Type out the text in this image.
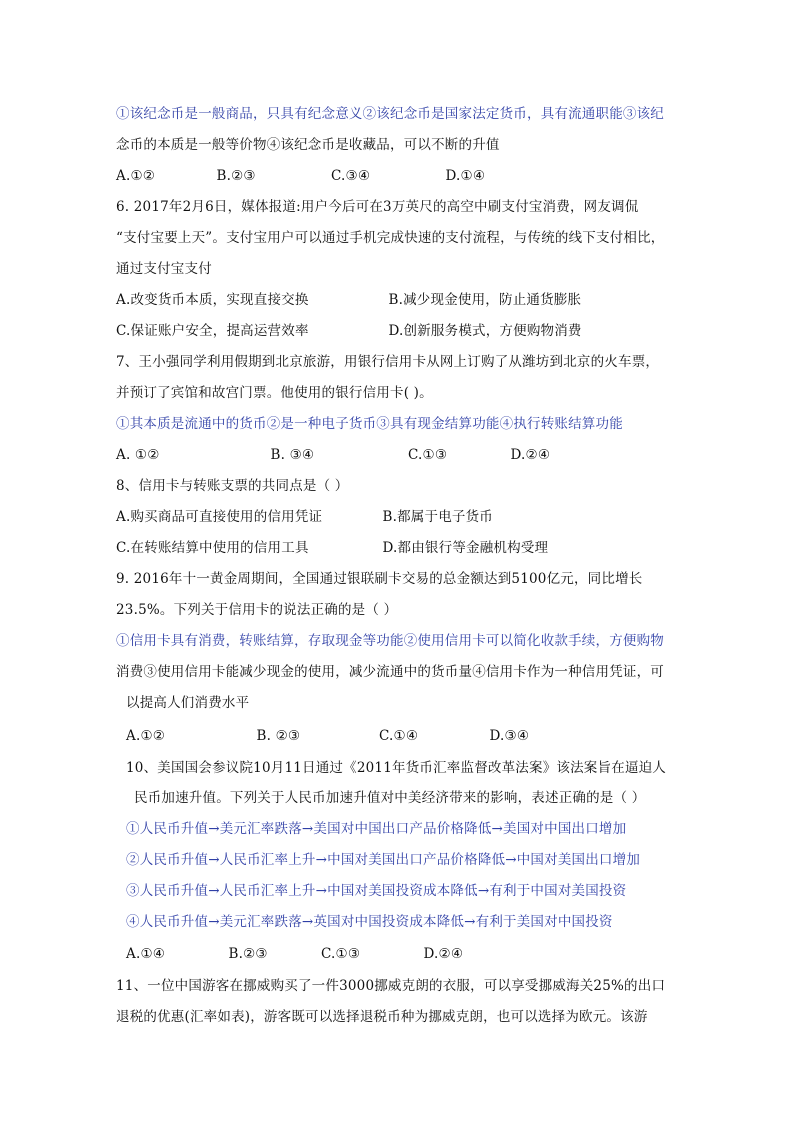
①该纪念币是一般商品，只具有纪念意义②该纪念币是国家法定货币，具有流通职能③该纪
念币的本质是一般等价物④该纪念币是收藏品，可以不断的升值
A.①②	B.②③	C.③④	D.①④
6. 2017年2月6日，媒体报道:用户今后可在3万英尺的高空中刷支付宝消费，网友调侃
“支付宝要上天”。支付宝用户可以通过手机完成快速的支付流程，与传统的线下支付相比，
通过支付宝支付
A.改变货币本质，实现直接交换	B.减少现金使用，防止通货膨胀
C.保证账户安全，提高运营效率	D.创新服务模式，方便购物消费
7、王小强同学利用假期到北京旅游，用银行信用卡从网上订购了从潍坊到北京的火车票，
并预订了宾馆和故宫门票。他使用的银行信用卡( )。
①其本质是流通中的货币②是一种电子货币③具有现金结算功能④执行转账结算功能
A. ①②	B. ③④	C.①③	D.②④
8、信用卡与转账支票的共同点是（ ）
A.购买商品可直接使用的信用凭证	B.都属于电子货币
C.在转账结算中使用的信用工具	D.都由银行等金融机构受理
9. 2016年十一黄金周期间，全国通过银联刷卡交易的总金额达到5100亿元，同比增长
23.5%。下列关于信用卡的说法正确的是（ ）
①信用卡具有消费，转账结算，存取现金等功能②使用信用卡可以简化收款手续，方便购物
消费③使用信用卡能减少现金的使用，减少流通中的货币量④信用卡作为一种信用凭证，可
以提高人们消费水平
A.①②	B. ②③	C.①④	D.③④
10、美国国会参议院10月11日通过《2011年货币汇率监督改革法案》该法案旨在逼迫人
民币加速升值。下列关于人民币加速升值对中美经济带来的影响，表述正确的是（ ）
①人民币升值→美元汇率跌落→美国对中国出口产品价格降低→美国对中国出口增加
②人民币升值→人民币汇率上升→中国对美国出口产品价格降低→中国对美国出口增加
③人民币升值→人民币汇率上升→中国对美国投资成本降低→有利于中国对美国投资
④人民币升值→美元汇率跌落→英国对中国投资成本降低→有利于美国对中国投资
A.①④	B.②③	C.①③	D.②④
11、一位中国游客在挪威购买了一件3000挪威克朗的衣服，可以享受挪威海关25%的出口
退税的优惠(汇率如表)，游客既可以选择退税币种为挪威克朗，也可以选择为欧元。该游
